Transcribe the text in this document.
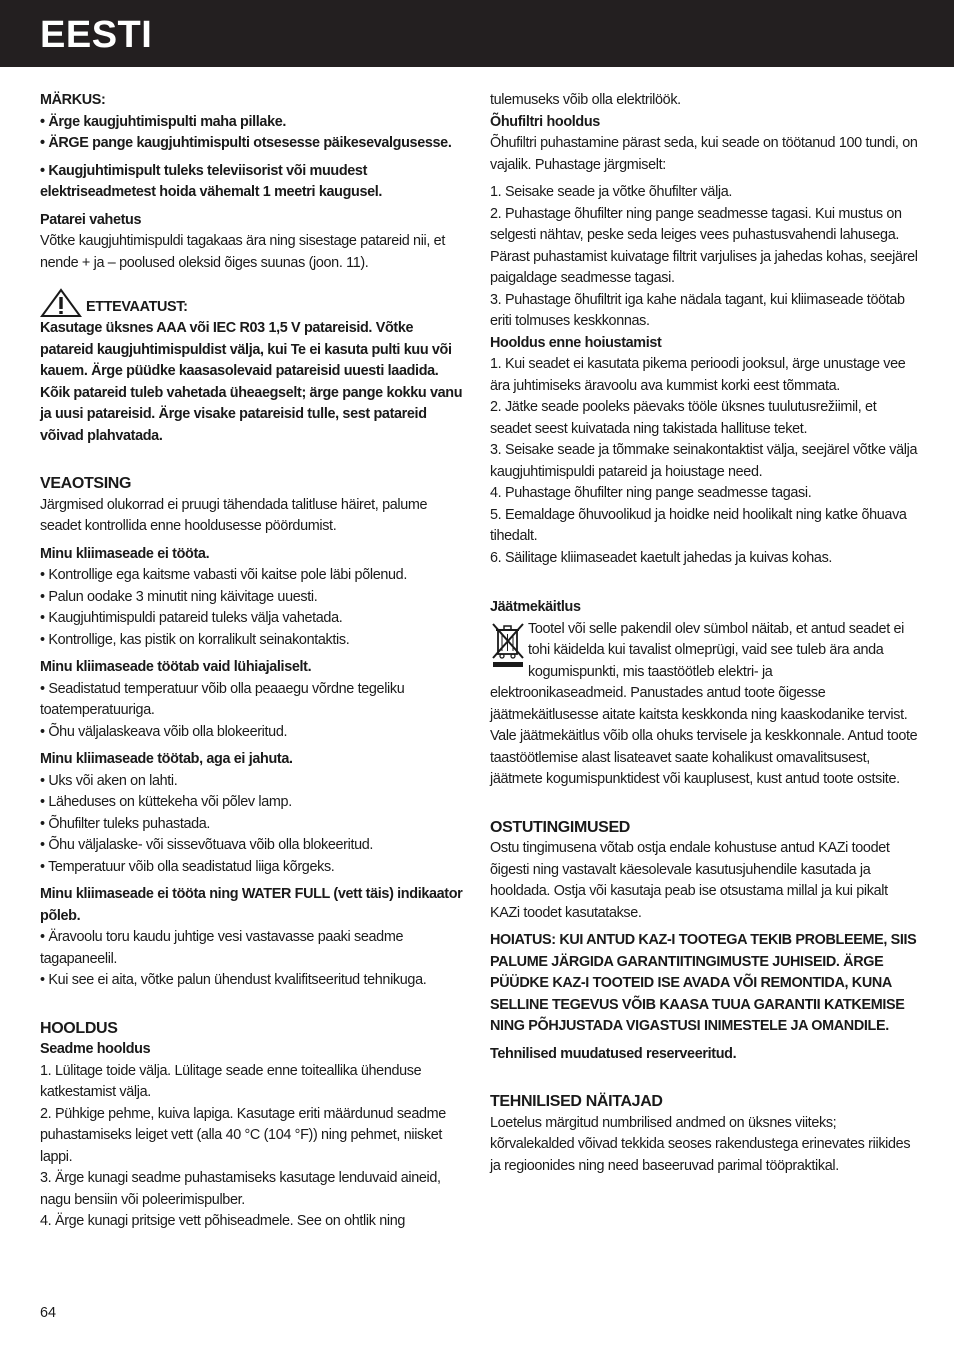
EESTI

MÄRKUS:

• Ärge kaugjuhtimispulti maha pillake.

• ÄRGE pange kaugjuhtimispulti otsesesse päikesevalgusesse.

• Kaugjuhtimispult tuleks televiisorist või muudest elektriseadmetest hoida vähemalt 1 meetri kaugusel.

Patarei vahetus

Võtke kaugjuhtimispuldi tagakaas ära ning sisestage patareid nii, et nende + ja – poolused oleksid õiges suunas (joon. 11).

ETTEVAATUST:

Kasutage üksnes AAA või IEC R03 1,5 V patareisid. Võtke patareid kaugjuhtimispuldist välja, kui Te ei kasuta pulti kuu või kauem. Ärge püüdke kaasasolevaid patareisid uuesti laadida. Kõik patareid tuleb vahetada üheaegselt; ärge pange kokku vanu ja uusi patareisid. Ärge visake patareisid tulle, sest patareid võivad plahvatada.

VEAOTSING

Järgmised olukorrad ei pruugi tähendada talitluse häiret, palume seadet kontrollida enne hooldusesse pöördumist.

Minu kliimaseade ei tööta.

• Kontrollige ega kaitsme vabasti või kaitse pole läbi põlenud.

• Palun oodake 3 minutit ning käivitage uuesti.

• Kaugjuhtimispuldi patareid tuleks välja vahetada.

• Kontrollige, kas pistik on korralikult seinakontaktis.

Minu kliimaseade töötab vaid lühiajaliselt.

• Seadistatud temperatuur võib olla peaaegu võrdne tegeliku toatemperatuuriga.

• Õhu väljalaskeava võib olla blokeeritud.

Minu kliimaseade töötab, aga ei jahuta.

• Uks või aken on lahti.

• Läheduses on küttekeha või põlev lamp.

• Õhufilter tuleks puhastada.

• Õhu väljalaske- või sissevõtuava võib olla blokeeritud.

• Temperatuur võib olla seadistatud liiga kõrgeks.

Minu kliimaseade ei tööta ning WATER FULL (vett täis) indikaator põleb.

• Äravoolu toru kaudu juhtige vesi vastavasse paaki seadme tagapaneelil.

• Kui see ei aita, võtke palun ühendust kvalifitseeritud tehnikuga.

HOOLDUS

Seadme hooldus

1. Lülitage toide välja. Lülitage seade enne toiteallika ühenduse katkestamist välja.

2. Pühkige pehme, kuiva lapiga. Kasutage eriti määrdunud seadme puhastamiseks leiget vett (alla 40 °C (104 °F)) ning pehmet, niisket lappi.

3. Ärge kunagi seadme puhastamiseks kasutage lenduvaid aineid, nagu bensiin või poleerimispulber.

4. Ärge kunagi pritsige vett põhiseadmele. See on ohtlik ning

tulemuseks võib olla elektrilöök.

Õhufiltri hooldus

Õhufiltri puhastamine pärast seda, kui seade on töötanud 100 tundi, on vajalik. Puhastage järgmiselt:

1. Seisake seade ja võtke õhufilter välja.

2. Puhastage õhufilter ning pange seadmesse tagasi. Kui mustus on selgesti nähtav, peske seda leiges vees puhastusvahendi lahusega. Pärast puhastamist kuivatage filtrit varjulises ja jahedas kohas, seejärel paigaldage seadmesse tagasi.

3. Puhastage õhufiltrit iga kahe nädala tagant, kui kliimaseade töötab eriti tolmuses keskkonnas.

Hooldus enne hoiustamist

1. Kui seadet ei kasutata pikema perioodi jooksul, ärge unustage vee ära juhtimiseks äravoolu ava kummist korki eest tõmmata.

2. Jätke seade pooleks päevaks tööle üksnes tuulutusrežiimil, et seadet seest kuivatada ning takistada hallituse teket.

3. Seisake seade ja tõmmake seinakontaktist välja, seejärel võtke välja kaugjuhtimispuldi patareid ja hoiustage need.

4. Puhastage õhufilter ning pange seadmesse tagasi.

5. Eemaldage õhuvoolikud ja hoidke neid hoolikalt ning katke õhuava tihedalt.

6. Säilitage kliimaseadet kaetult jahedas ja kuivas kohas.

Jäätmekäitlus

Tootel või selle pakendil olev sümbol näitab, et antud seadet ei tohi käidelda kui tavalist olmeprügi, vaid see tuleb ära anda kogumispunkti, mis taastöötleb elektri- ja

elektroonikaseadmeid. Panustades antud toote õigesse jäätmekäitlusesse aitate kaitsta keskkonda ning kaaskodanike tervist. Vale jäätmekäitlus võib olla ohuks tervisele ja keskkonnale. Antud toote taastöötlemise alast lisateavet saate kohalikust omavalitsusest, jäätmete kogumispunktidest või kauplusest, kust antud toote ostsite.

OSTUTINGIMUSED

Ostu tingimusena võtab ostja endale kohustuse antud KAZi toodet õigesti ning vastavalt käesolevale kasutusjuhendile kasutada ja hooldada. Ostja või kasutaja peab ise otsustama millal ja kui pikalt KAZi toodet kasutatakse.

HOIATUS: KUI ANTUD KAZ-I TOOTEGA TEKIB PROBLEEME, SIIS PALUME JÄRGIDA GARANTIITINGIMUSTE JUHISEID. ÄRGE PÜÜDKE KAZ-I TOOTEID ISE AVADA VÕI REMONTIDA, KUNA SELLINE TEGEVUS VÕIB KAASA TUUA GARANTII KATKEMISE NING PÕHJUSTADA VIGASTUSI INIMESTELE JA OMANDILE.

Tehnilised muudatused reserveeritud.

TEHNILISED NÄITAJAD

Loetelus märgitud numbrilised andmed on üksnes viiteks; kõrvalekalded võivad tekkida seoses rakendustega erinevates riikides ja regioonides ning need baseeruvad parimal tööpraktikal.

64
